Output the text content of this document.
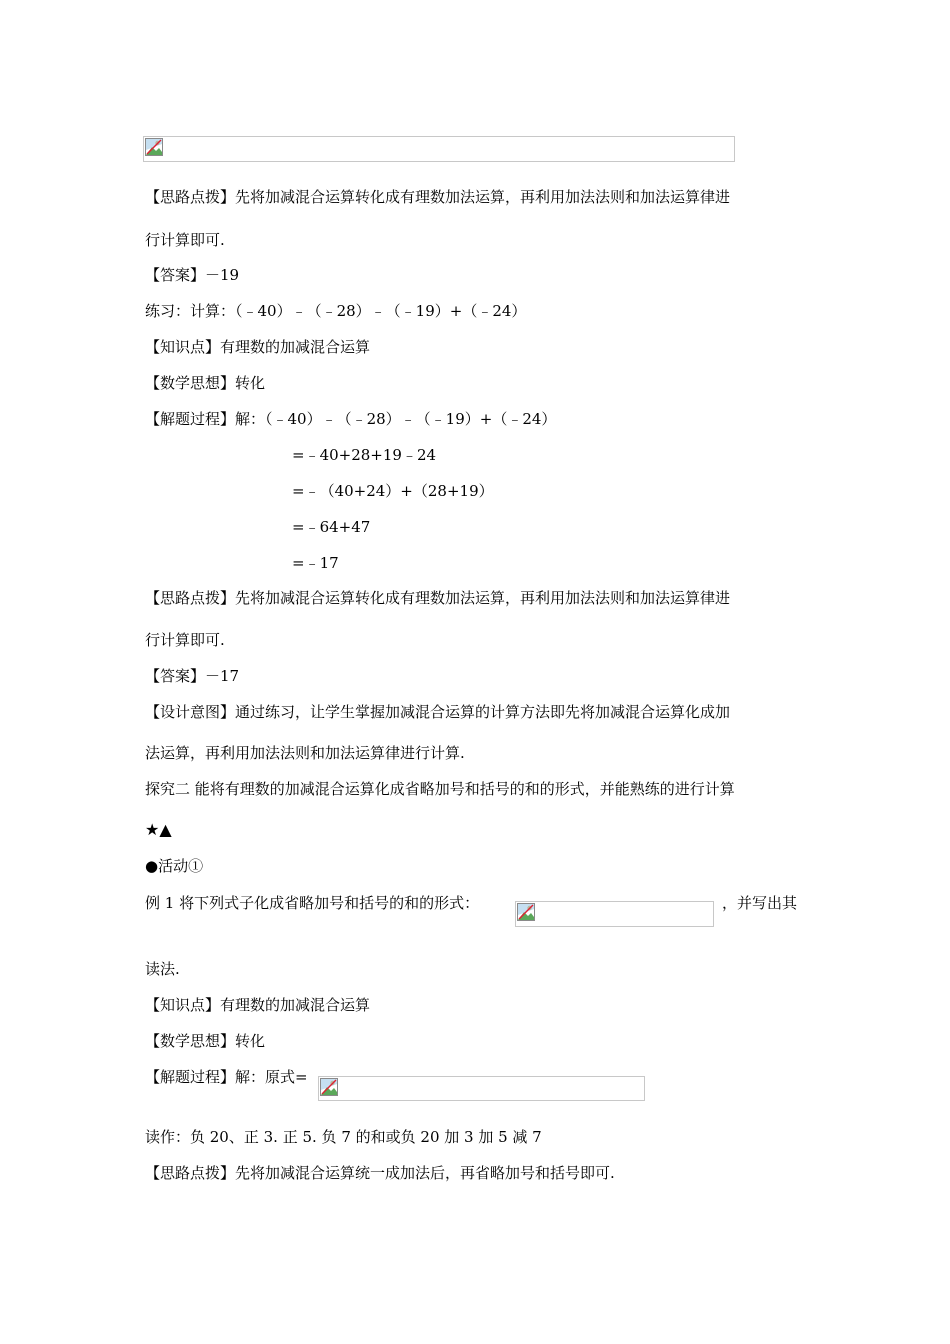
【思路点拨】先将加减混合运算转化成有理数加法运算，再利用加法法则和加法运算律进
行计算即可.
【答案】－19
练习：计算：（﹣40）﹣（﹣28）﹣（﹣19）+（﹣24）
【知识点】有理数的加减混合运算
【数学思想】转化
【解题过程】解：（﹣40）﹣（﹣28）﹣（﹣19）+（﹣24）
=﹣40+28+19﹣24
=﹣（40+24）+（28+19）
=﹣64+47
=﹣17
【思路点拨】先将加减混合运算转化成有理数加法运算，再利用加法法则和加法运算律进
行计算即可.
【答案】－17
【设计意图】通过练习，让学生掌握加减混合运算的计算方法即先将加减混合运算化成加
法运算，再利用加法法则和加法运算律进行计算.
探究二 能将有理数的加减混合运算化成省略加号和括号的和的形式，并能熟练的进行计算
★▲
●活动①
例 1 将下列式子化成省略加号和括号的和的形式：	，并写出其
读法.
【知识点】有理数的加减混合运算
【数学思想】转化
【解题过程】解：原式=
读作：负 20、正 3. 正 5. 负 7 的和或负 20 加 3 加 5 减 7
【思路点拨】先将加减混合运算统一成加法后，再省略加号和括号即可.
